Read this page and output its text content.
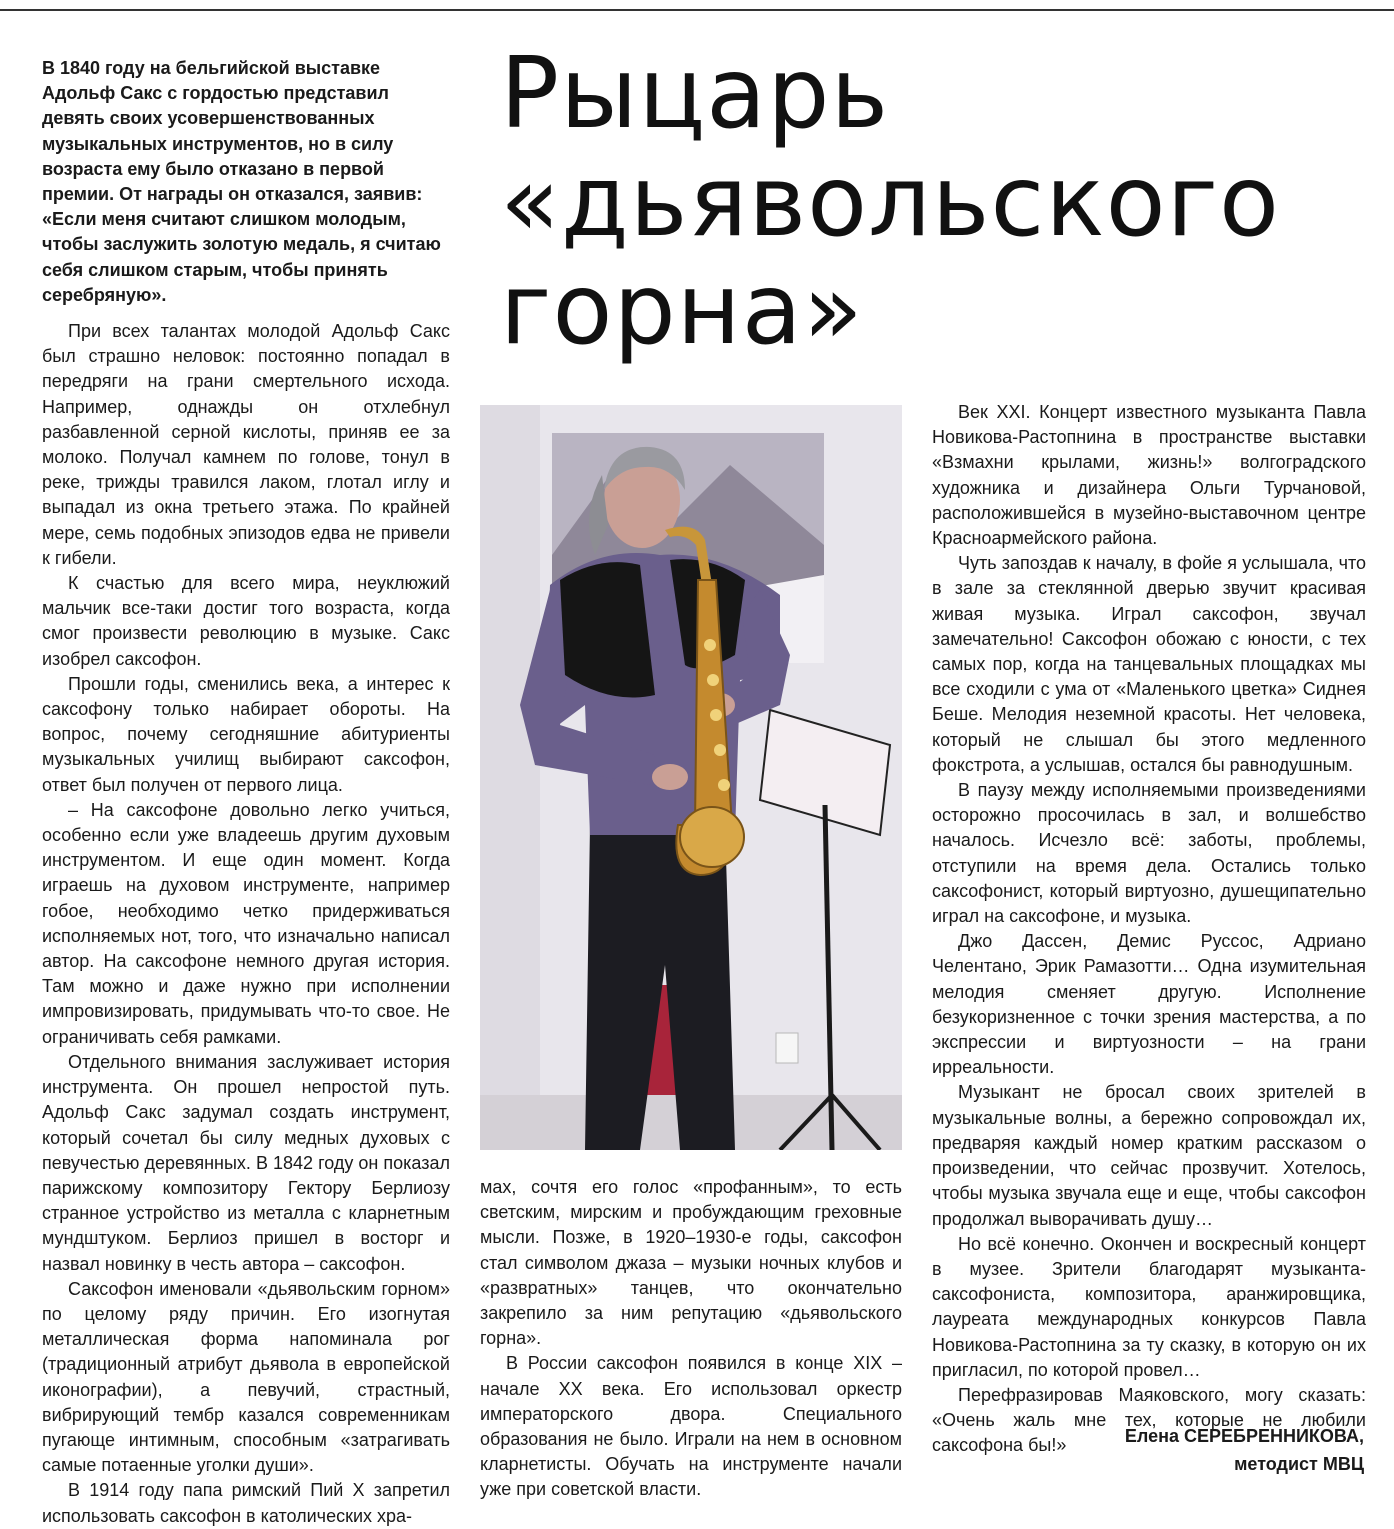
В 1840 году на бельгийской выставке Адольф Сакс с гордостью представил девять своих усовершенствованных музыкальных инструментов, но в силу возраста ему было отказано в первой премии. От награды он отказался, заявив: «Если меня считают слишком молодым, чтобы заслужить золотую медаль, я считаю себя слишком старым, чтобы принять серебряную».

Рыцарь
«дьявольского
горна»

При всех талантах молодой Адольф Сакс был страшно неловок: постоянно попадал в передряги на грани смертельного исхода. Например, однажды он отхлебнул разбавленной серной кислоты, приняв ее за молоко. Получал камнем по голове, тонул в реке, трижды травился лаком, глотал иглу и выпадал из окна третьего этажа. По крайней мере, семь подобных эпизодов едва не привели к гибели.

К счастью для всего мира, неуклюжий мальчик все-таки достиг того возраста, когда смог произвести революцию в музыке. Сакс изобрел саксофон.

Прошли годы, сменились века, а интерес к саксофону только набирает обороты. На вопрос, почему сегодняшние абитуриенты музыкальных училищ выбирают саксофон, ответ был получен от первого лица.

– На саксофоне довольно легко учиться, особенно если уже владеешь другим духовым инструментом. И еще один момент. Когда играешь на духовом инструменте, например гобое, необходимо четко придерживаться исполняемых нот, того, что изначально написал автор. На саксофоне немного другая история. Там можно и даже нужно при исполнении импровизировать, придумывать что-то свое. Не ограничивать себя рамками.

Отдельного внимания заслуживает история инструмента. Он прошел непростой путь. Адольф Сакс задумал создать инструмент, который сочетал бы силу медных духовых с певучестью деревянных. В 1842 году он показал парижскому композитору Гектору Берлиозу странное устройство из металла с кларнетным мундштуком. Берлиоз пришел в восторг и назвал новинку в честь автора – саксофон.

Саксофон именовали «дьявольским горном» по целому ряду причин. Его изогнутая металлическая форма напоминала рог (традиционный атрибут дьявола в европейской иконографии), а певучий, страстный, вибрирующий тембр казался современникам пугающе интимным, способным «затрагивать самые потаенные уголки души».

В 1914 году папа римский Пий Х запретил использовать саксофон в католических хра-

мах, сочтя его голос «профанным», то есть светским, мирским и пробуждающим греховные мысли. Позже, в 1920–1930-е годы, саксофон стал символом джаза – музыки ночных клубов и «развратных» танцев, что окончательно закрепило за ним репутацию «дьявольского горна».

В России саксофон появился в конце XIX – начале XX века. Его использовал оркестр императорского двора. Специального образования не было. Играли на нем в основном кларнетисты. Обучать на инструменте начали уже при советской власти.

Век XXI. Концерт известного музыканта Павла Новикова-Растопнина в пространстве выставки «Взмахни крылами, жизнь!» волгоградского художника и дизайнера Ольги Турчановой, расположившейся в музейно-выставочном центре Красноармейского района.

Чуть запоздав к началу, в фойе я услышала, что в зале за стеклянной дверью звучит красивая живая музыка. Играл саксофон, звучал замечательно! Саксофон обожаю с юности, с тех самых пор, когда на танцевальных площадках мы все сходили с ума от «Маленького цветка» Сиднея Беше. Мелодия неземной красоты. Нет человека, который не слышал бы этого медленного фокстрота, а услышав, остался бы равнодушным.

В паузу между исполняемыми произведениями осторожно просочилась в зал, и волшебство началось. Исчезло всё: заботы, проблемы, отступили на время дела. Остались только саксофонист, который виртуозно, душещипательно играл на саксофоне, и музыка.

Джо Дассен, Демис Руссос, Адриано Челентано, Эрик Рамазотти… Одна изумительная мелодия сменяет другую. Исполнение безукоризненное с точки зрения мастерства, а по экспрессии и виртуозности – на грани ирреальности.

Музыкант не бросал своих зрителей в музыкальные волны, а бережно сопровождал их, предваряя каждый номер кратким рассказом о произведении, что сейчас прозвучит. Хотелось, чтобы музыка звучала еще и еще, чтобы саксофон продолжал выворачивать душу…

Но всё конечно. Окончен и воскресный концерт в музее. Зрители благодарят музыканта-саксофониста, композитора, аранжировщика, лауреата международных конкурсов Павла Новикова-Растопнина за ту сказку, в которую он их пригласил, по которой провел…

Перефразировав Маяковского, могу сказать: «Очень жаль мне тех, которые не любили саксофона бы!»	Елена СЕРЕБРЕННИКОВА,
методист МВЦ
